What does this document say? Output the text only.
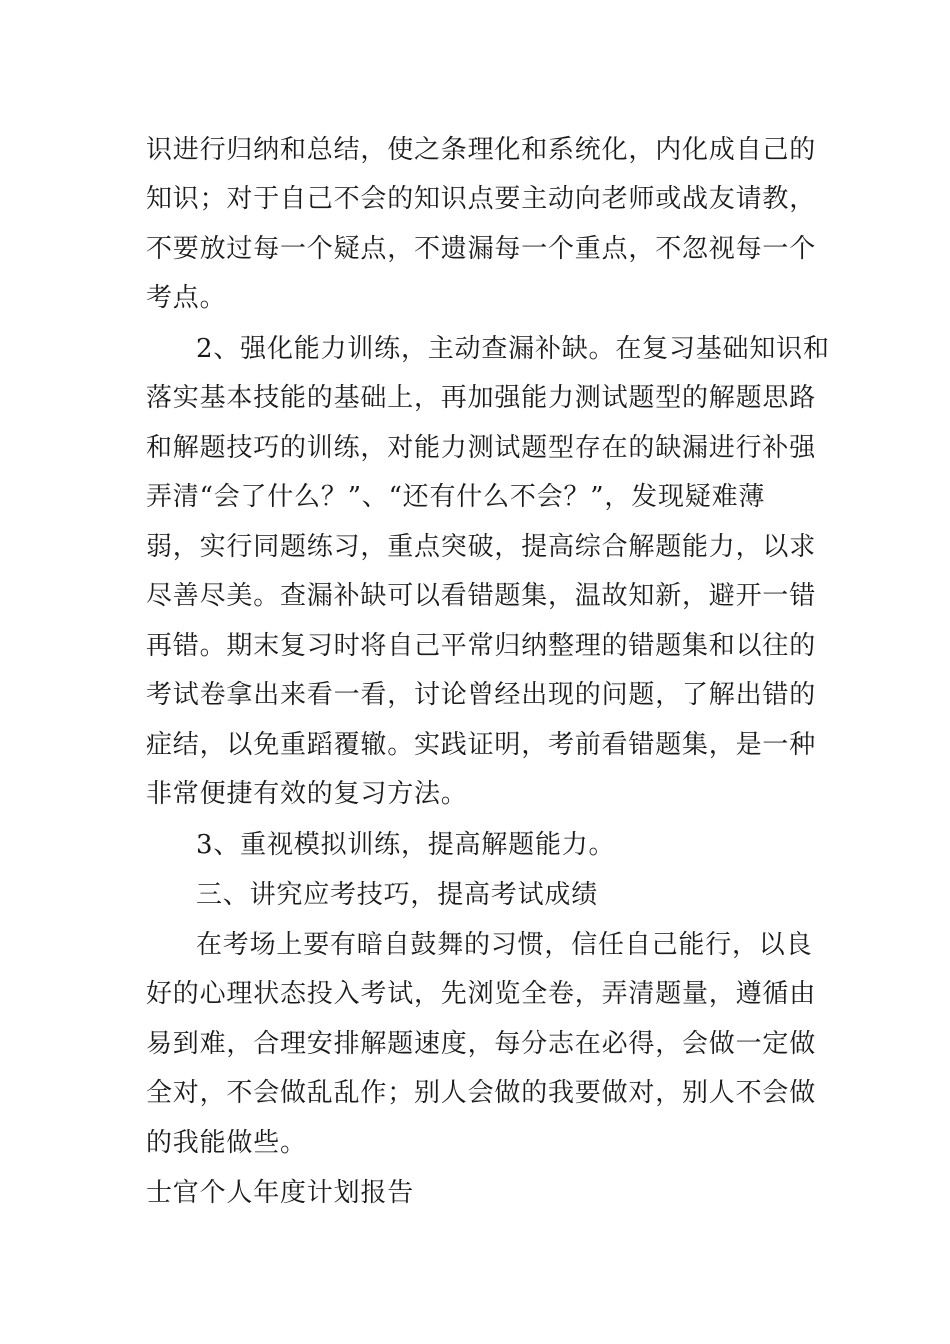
识进行归纳和总结，使之条理化和系统化，内化成自己的

知识；对于自己不会的知识点要主动向老师或战友请教，

不要放过每一个疑点，不遗漏每一个重点，不忽视每一个

考点。

2、强化能力训练，主动查漏补缺。在复习基础知识和

落实基本技能的基础上，再加强能力测试题型的解题思路

和解题技巧的训练，对能力测试题型存在的缺漏进行补强

弄清“会了什么？”、“还有什么不会？”，发现疑难薄

弱，实行同题练习，重点突破，提高综合解题能力，以求

尽善尽美。查漏补缺可以看错题集，温故知新，避开一错

再错。期末复习时将自己平常归纳整理的错题集和以往的

考试卷拿出来看一看，讨论曾经出现的问题，了解出错的

症结，以免重蹈覆辙。实践证明，考前看错题集，是一种

非常便捷有效的复习方法。

3、重视模拟训练，提高解题能力。

三、讲究应考技巧，提高考试成绩

在考场上要有暗自鼓舞的习惯，信任自己能行，以良

好的心理状态投入考试，先浏览全卷，弄清题量，遵循由

易到难，合理安排解题速度，每分志在必得，会做一定做

全对，不会做乱乱作；别人会做的我要做对，别人不会做

的我能做些。

士官个人年度计划报告
